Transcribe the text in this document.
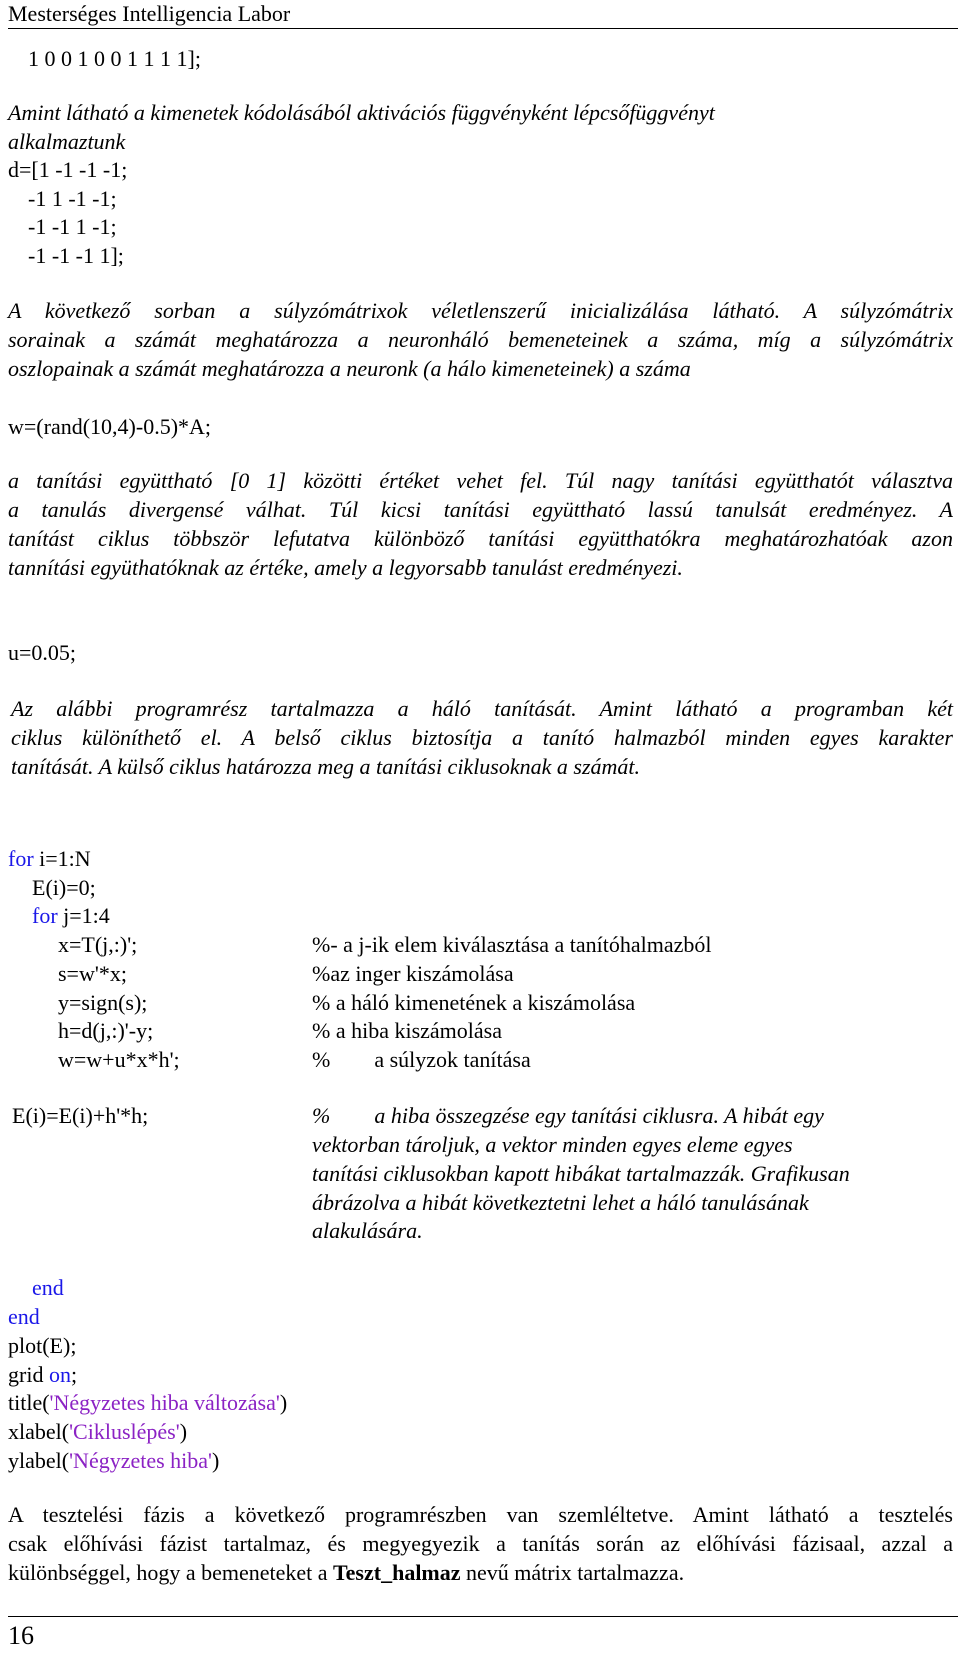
Mesterséges Intelligencia Labor
1 0 0 1 0 0 1 1 1 1];
Amint látható a kimenetek kódolásából aktivációs függvényként lépcsőfüggvényt
alkalmaztunk
d=[1 -1 -1 -1;
-1 1 -1 -1;
-1 -1 1 -1;
-1 -1 -1 1];
A következő sorban a súlyzómátrixok véletlenszerű inicializálása látható. A súlyzómátrix
sorainak a számát meghatározza a neuronháló bemeneteinek a száma, míg a súlyzómátrix
oszlopainak a számát meghatározza a neuronk (a hálo kimeneteinek) a száma
w=(rand(10,4)-0.5)*A;
a tanítási együttható [0 1] közötti értéket vehet fel. Túl nagy tanítási együtthatót választva
a tanulás divergensé válhat. Túl kicsi tanítási együttható lassú tanulsát eredményez. A
tanítást ciklus többször lefutatva különböző tanítási együtthatókra meghatározhatóak azon
tannítási együthatóknak az értéke, amely a legyorsabb tanulást eredményezi.
u=0.05;
Az alábbi programrész tartalmazza a háló tanítását. Amint látható a programban két
ciklus különíthető el. A belső ciklus biztosítja a tanító halmazból minden egyes karakter
tanítását. A külső ciklus határozza meg a tanítási ciklusoknak a számát.
for i=1:N
E(i)=0;
for j=1:4
x=T(j,:)';	%- a j-ik elem kiválasztása a tanítóhalmazból
s=w'*x;	%az inger kiszámolása
y=sign(s);	% a háló kimenetének a kiszámolása
h=d(j,:)'-y;	% a hiba kiszámolása
w=w+u*x*h';	%        a súlyzok tanítása
E(i)=E(i)+h'*h;	%        a hiba összegzése egy tanítási ciklusra. A hibát egy
vektorban tároljuk, a vektor minden egyes eleme egyes
tanítási ciklusokban kapott hibákat tartalmazzák. Grafikusan
ábrázolva a hibát következtetni lehet a háló tanulásának
alakulására.
end
end
plot(E);
grid on;
title('Négyzetes hiba változása')
xlabel('Cikluslépés')
ylabel('Négyzetes hiba')
A tesztelési fázis a következő programrészben van szemléltetve. Amint látható a tesztelés
csak előhívási fázist tartalmaz, és megyegyezik a tanítás során az előhívási fázisaal, azzal a
különbséggel, hogy a bemeneteket a Teszt_halmaz nevű mátrix tartalmazza.
16
